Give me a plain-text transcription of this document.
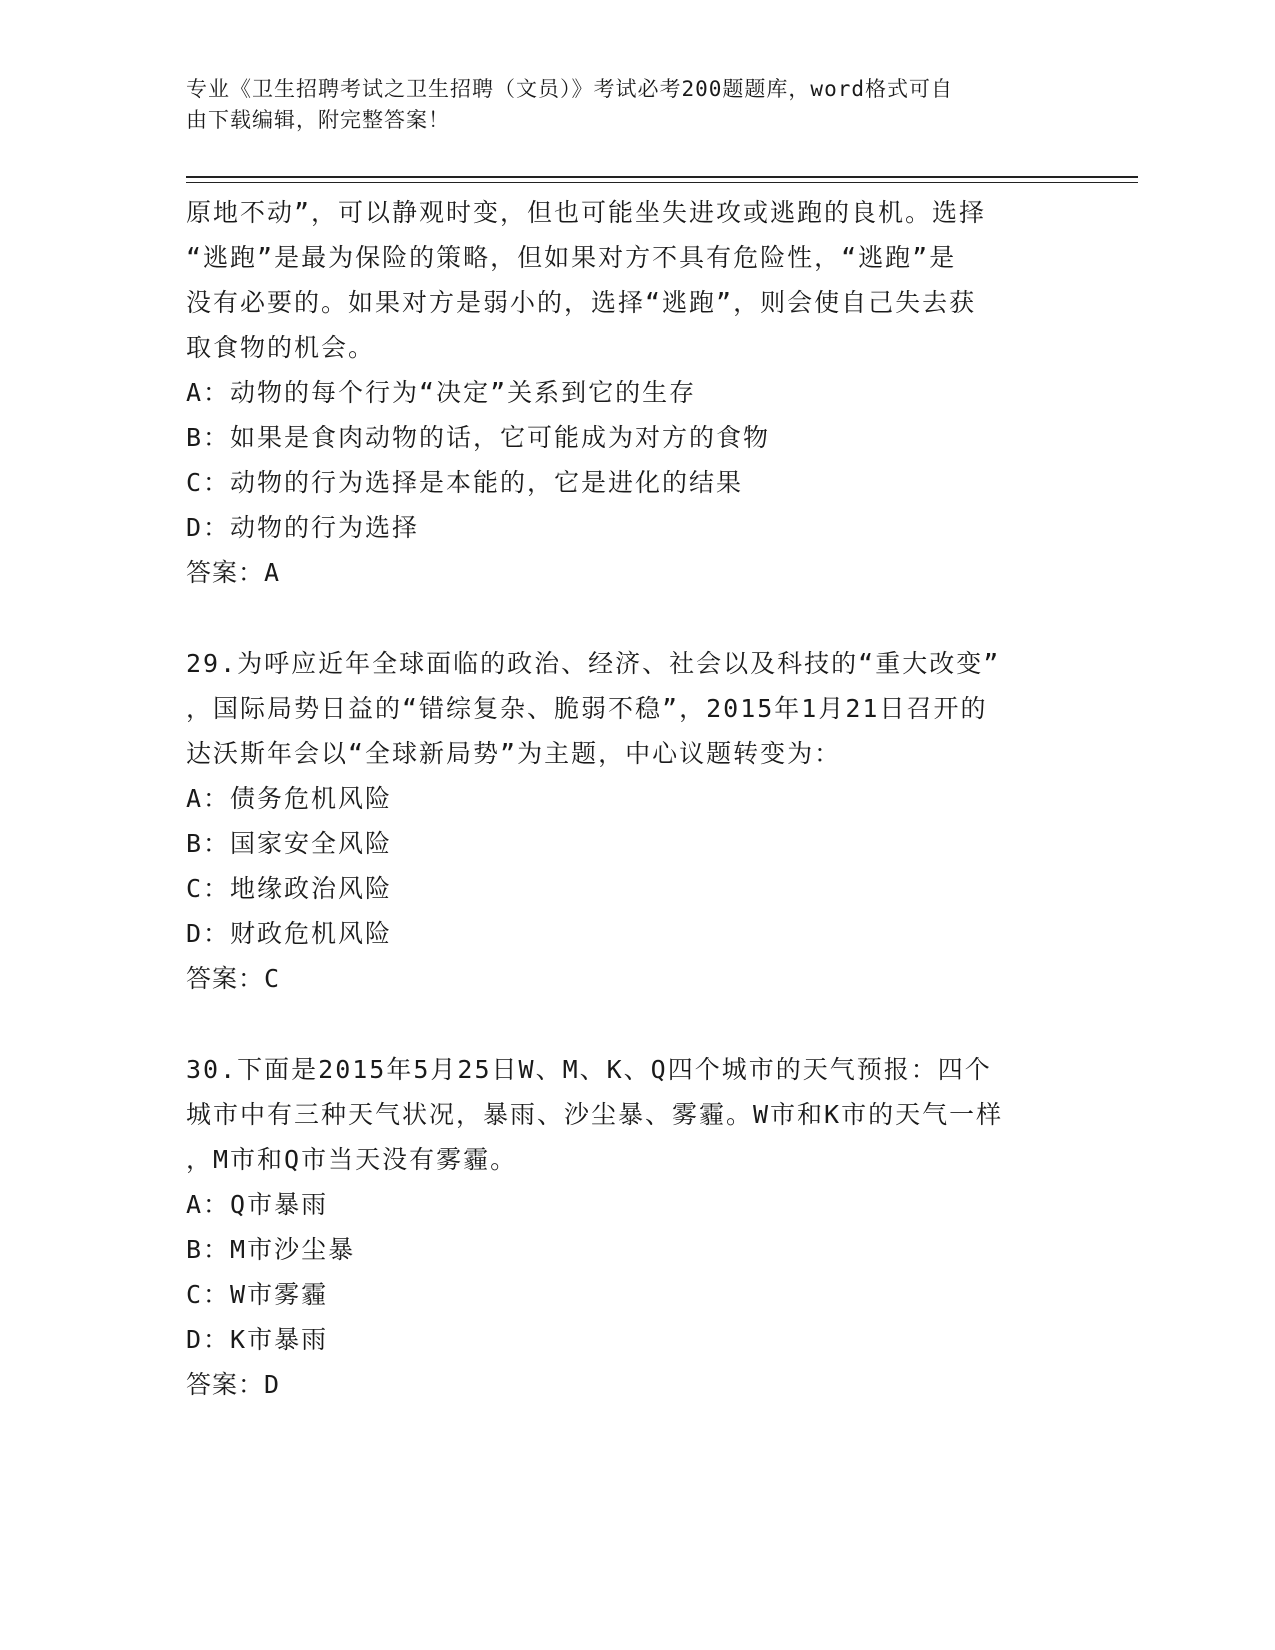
专业《卫生招聘考试之卫生招聘（文员）》考试必考200题题库，word格式可自
由下载编辑，附完整答案！
原地不动”，可以静观时变，但也可能坐失进攻或逃跑的良机。选择
“逃跑”是最为保险的策略，但如果对方不具有危险性，“逃跑”是
没有必要的。如果对方是弱小的，选择“逃跑”，则会使自己失去获
取食物的机会。
A：动物的每个行为“决定”关系到它的生存
B：如果是食肉动物的话，它可能成为对方的食物
C：动物的行为选择是本能的，它是进化的结果
D：动物的行为选择
答案：A
29.为呼应近年全球面临的政治、经济、社会以及科技的“重大改变”
，国际局势日益的“错综复杂、脆弱不稳”，2015年1月21日召开的
达沃斯年会以“全球新局势”为主题，中心议题转变为：
A：债务危机风险
B：国家安全风险
C：地缘政治风险
D：财政危机风险
答案：C
30.下面是2015年5月25日W、M、K、Q四个城市的天气预报：四个
城市中有三种天气状况，暴雨、沙尘暴、雾霾。W市和K市的天气一样
，M市和Q市当天没有雾霾。
A：Q市暴雨
B：M市沙尘暴
C：W市雾霾
D：K市暴雨
答案：D
